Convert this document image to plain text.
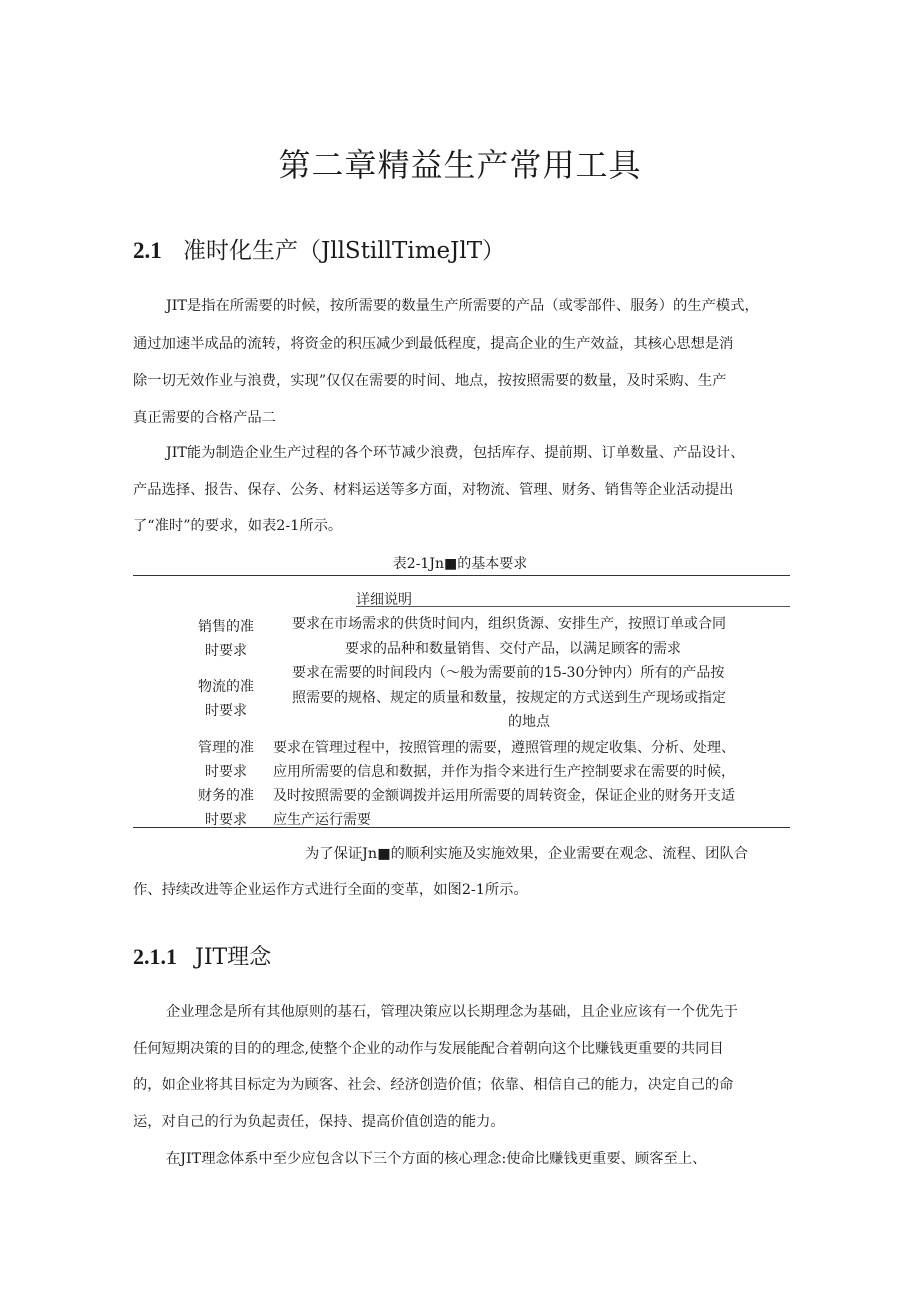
第二章精益生产常用工具
2.1 准时化生产（JllStillTimeJlT）
JIT是指在所需要的时候，按所需要的数量生产所需要的产品（或零部件、服务）的生产模式，
通过加速半成品的流转，将资金的积压减少到最低程度，提高企业的生产效益，其核心思想是消
除一切无效作业与浪费，实现”仅仅在需要的时间、地点，按按照需要的数量，及时采购、生产
真正需要的合格产品二
JIT能为制造企业生产过程的各个环节减少浪费，包括库存、提前期、订单数量、产品设计、
产品选择、报告、保存、公务、材料运送等多方面，对物流、管理、财务、销售等企业活动提出
了“准时”的要求，如表2-1所示。
表2-1Jn■的基本要求
详细说明
销售的准
时要求
要求在市场需求的供货时间内，组织货源、安排生产，按照订单或合同
要求的品种和数量销售、交付产品，以满足顾客的需求
物流的准
时要求
要求在需要的时间段内（～般为需要前的15-30分钟内）所有的产品按
照需要的规格、规定的质量和数量，按规定的方式送到生产现场或指定
的地点
管理的准
时要求
财务的准
时要求
要求在管理过程中，按照管理的需要，遵照管理的规定收集、分析、处理、
应用所需要的信息和数据，并作为指令来进行生产控制要求在需要的时候，
及时按照需要的金额调拨并运用所需要的周转资金，保证企业的财务开支适
应生产运行需要
为了保证Jn■的顺利实施及实施效果，企业需要在观念、流程、团队合
作、持续改进等企业运作方式进行全面的变革，如图2-1所示。
2.1.1 JIT理念
企业理念是所有其他原则的基石，管理决策应以长期理念为基础，且企业应该有一个优先于
任何短期决策的目的的理念,使整个企业的动作与发展能配合着朝向这个比赚钱更重要的共同目
的，如企业将其目标定为为顾客、社会、经济创造价值；依靠、相信自己的能力，决定自己的命
运，对自己的行为负起责任，保持、提高价值创造的能力。
在JIT理念体系中至少应包含以下三个方面的核心理念:使命比赚钱更重要、顾客至上、
